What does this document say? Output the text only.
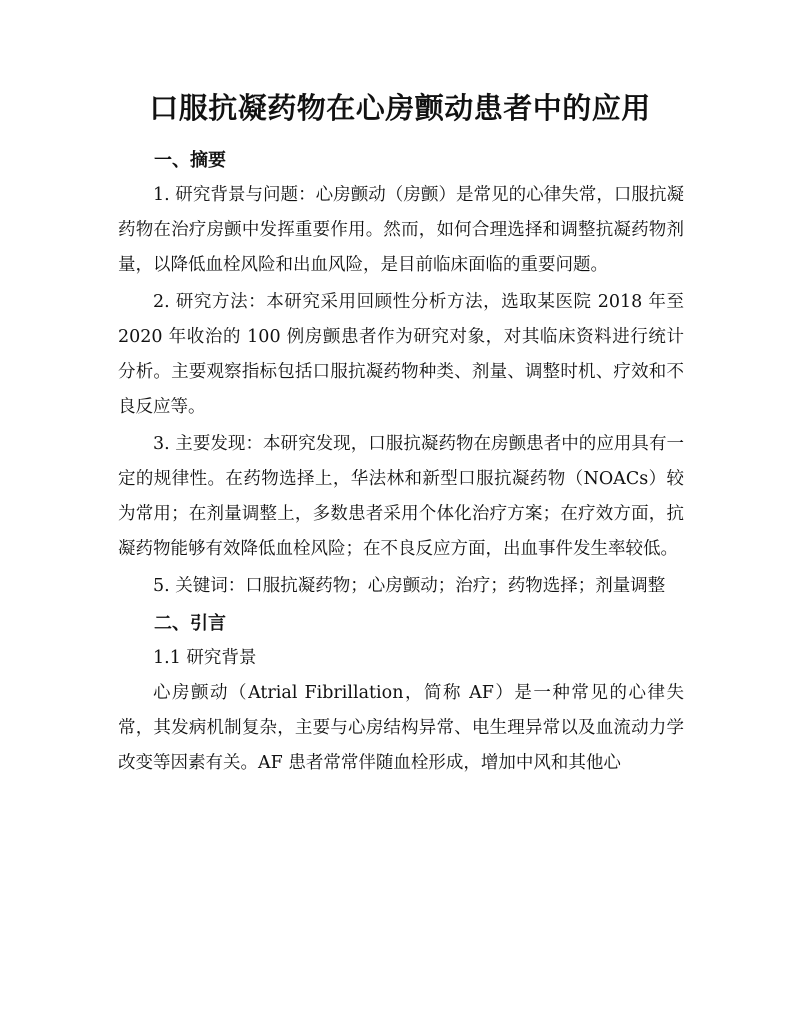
口服抗凝药物在心房颤动患者中的应用
一、摘要

1. 研究背景与问题：心房颤动（房颤）是常见的心律失常，口服抗凝药物在治疗房颤中发挥重要作用。然而，如何合理选择和调整抗凝药物剂量，以降低血栓风险和出血风险，是目前临床面临的重要问题。

2. 研究方法：本研究采用回顾性分析方法，选取某医院 2018 年至 2020 年收治的 100 例房颤患者作为研究对象，对其临床资料进行统计分析。主要观察指标包括口服抗凝药物种类、剂量、调整时机、疗效和不良反应等。

3. 主要发现：本研究发现，口服抗凝药物在房颤患者中的应用具有一定的规律性。在药物选择上，华法林和新型口服抗凝药物（NOACs）较为常用；在剂量调整上，多数患者采用个体化治疗方案；在疗效方面，抗凝药物能够有效降低血栓风险；在不良反应方面，出血事件发生率较低。

5. 关键词：口服抗凝药物；心房颤动；治疗；药物选择；剂量调整

二、引言

1.1 研究背景

心房颤动（Atrial Fibrillation，简称 AF）是一种常见的心律失常，其发病机制复杂，主要与心房结构异常、电生理异常以及血流动力学改变等因素有关。AF 患者常常伴随血栓形成，增加中风和其他心
